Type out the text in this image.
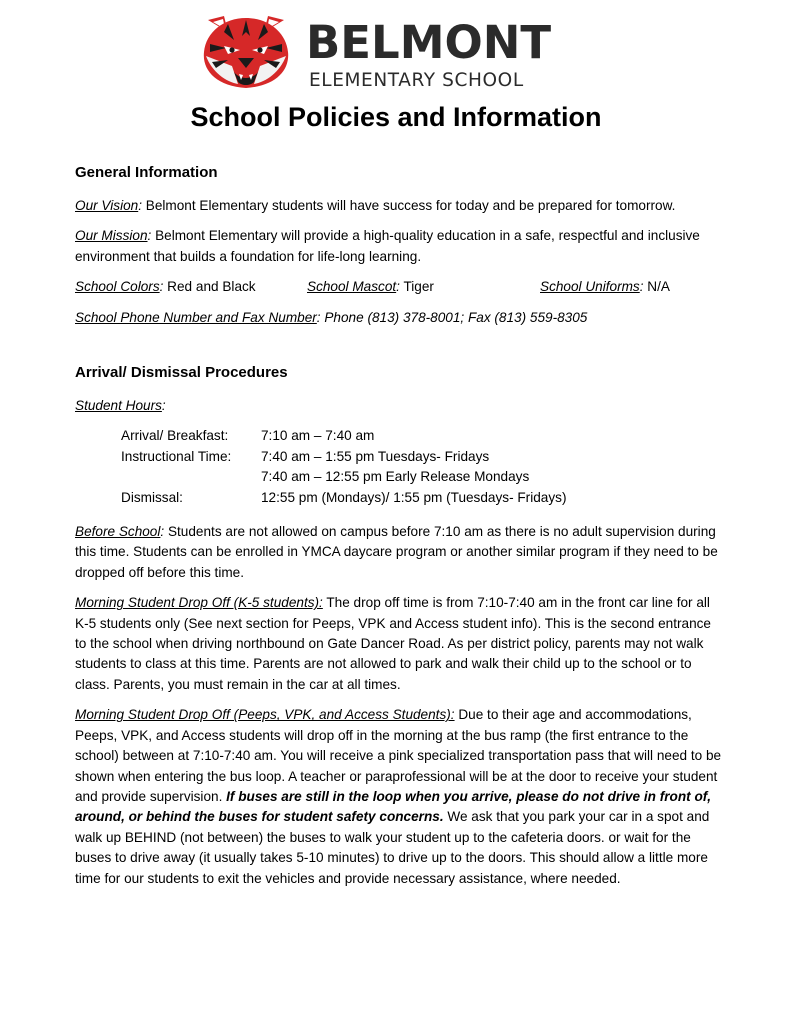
BELMONT
ELEMENTARY SCHOOL
School Policies and Information
General Information

Our Vision: Belmont Elementary students will have success for today and be prepared for tomorrow.

Our Mission: Belmont Elementary will provide a high-quality education in a safe, respectful and inclusive environment that builds a foundation for life-long learning.

School Colors: Red and Black	School Mascot: Tiger	School Uniforms: N/A

School Phone Number and Fax Number: Phone (813) 378-8001; Fax (813) 559-8305

Arrival/ Dismissal Procedures

Student Hours:

Arrival/ Breakfast:	7:10 am – 7:40 am
Instructional Time:	7:40 am – 1:55 pm Tuesdays- Fridays
	7:40 am – 12:55 pm Early Release Mondays
Dismissal:	12:55 pm (Mondays)/ 1:55 pm (Tuesdays- Fridays)

Before School: Students are not allowed on campus before 7:10 am as there is no adult supervision during this time. Students can be enrolled in YMCA daycare program or another similar program if they need to be dropped off before this time.

Morning Student Drop Off (K-5 students): The drop off time is from 7:10-7:40 am in the front car line for all K-5 students only (See next section for Peeps, VPK and Access student info). This is the second entrance to the school when driving northbound on Gate Dancer Road. As per district policy, parents may not walk students to class at this time. Parents are not allowed to park and walk their child up to the school or to class. Parents, you must remain in the car at all times.

Morning Student Drop Off (Peeps, VPK, and Access Students): Due to their age and accommodations, Peeps, VPK, and Access students will drop off in the morning at the bus ramp (the first entrance to the school) between at 7:10-7:40 am. You will receive a pink specialized transportation pass that will need to be shown when entering the bus loop. A teacher or paraprofessional will be at the door to receive your student and provide supervision. If buses are still in the loop when you arrive, please do not drive in front of, around, or behind the buses for student safety concerns. We ask that you park your car in a spot and walk up BEHIND (not between) the buses to walk your student up to the cafeteria doors. or wait for the buses to drive away (it usually takes 5-10 minutes) to drive up to the doors. This should allow a little more time for our students to exit the vehicles and provide necessary assistance, where needed.
